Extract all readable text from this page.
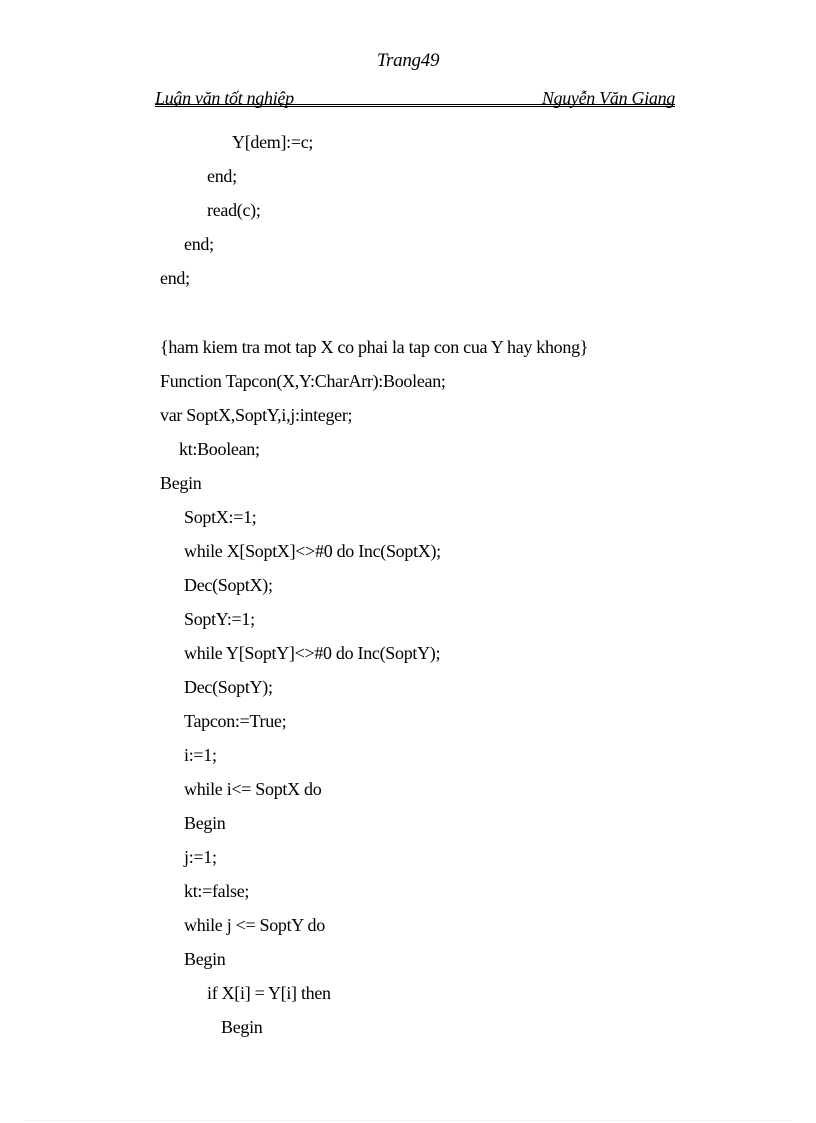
Trang49
Luận văn tốt nghiệp	Nguyễn Văn Giang
Y[dem]:=c;
end;
read(c);
end;
end;
{ham kiem tra mot tap X co phai la tap con cua Y hay khong}
Function Tapcon(X,Y:CharArr):Boolean;
var SoptX,SoptY,i,j:integer;
kt:Boolean;
Begin
SoptX:=1;
while X[SoptX]<>#0 do Inc(SoptX);
Dec(SoptX);
SoptY:=1;
while Y[SoptY]<>#0 do Inc(SoptY);
Dec(SoptY);
Tapcon:=True;
i:=1;
while i<= SoptX do
Begin
j:=1;
kt:=false;
while j <= SoptY do
Begin
if X[i] = Y[i] then
Begin
